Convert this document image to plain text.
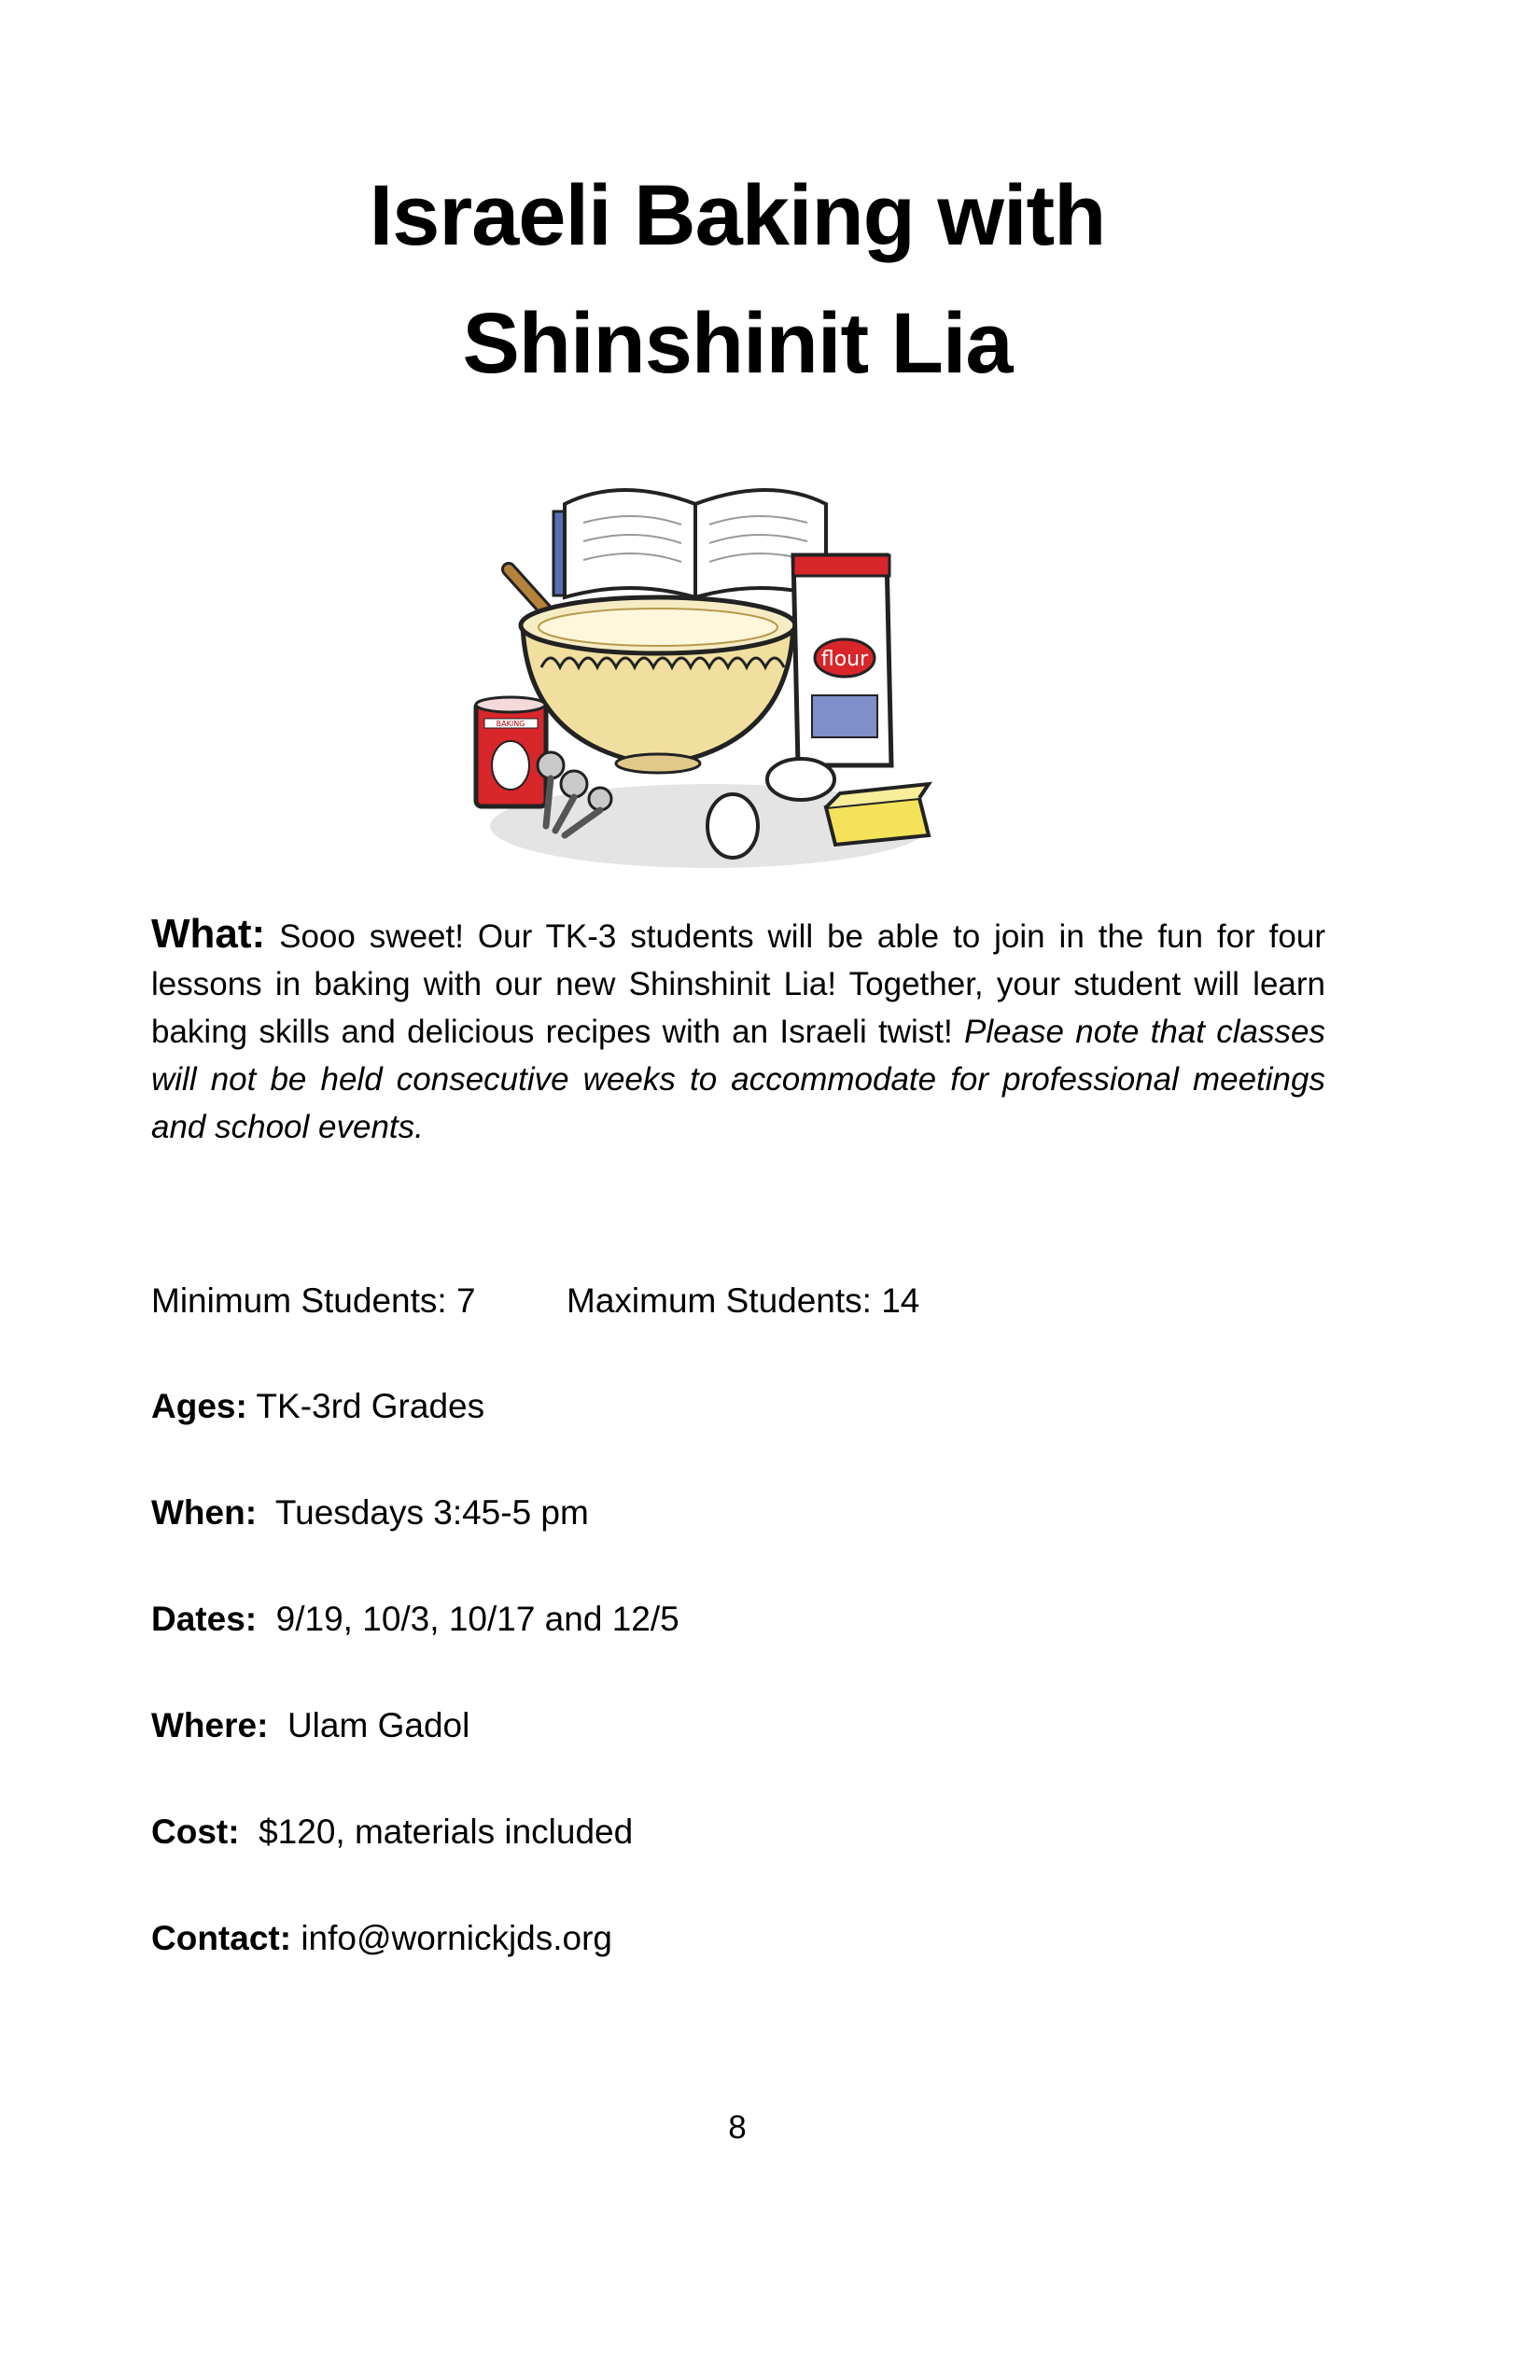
Israeli Baking with
Shinshinit Lia
flour
BAKING
What: Sooo sweet! Our TK-3 students will be able to join in the fun for four lessons in baking with our new Shinshinit Lia! Together, your student will learn baking skills and delicious recipes with an Israeli twist! Please note that classes will not be held consecutive weeks to accommodate for professional meetings and school events.
Minimum Students: 7	Maximum Students: 14
Ages: TK-3rd Grades
When:  Tuesdays 3:45-5 pm
Dates:  9/19, 10/3, 10/17 and 12/5
Where:  Ulam Gadol
Cost:  $120, materials included
Contact: info@wornickjds.org
8
